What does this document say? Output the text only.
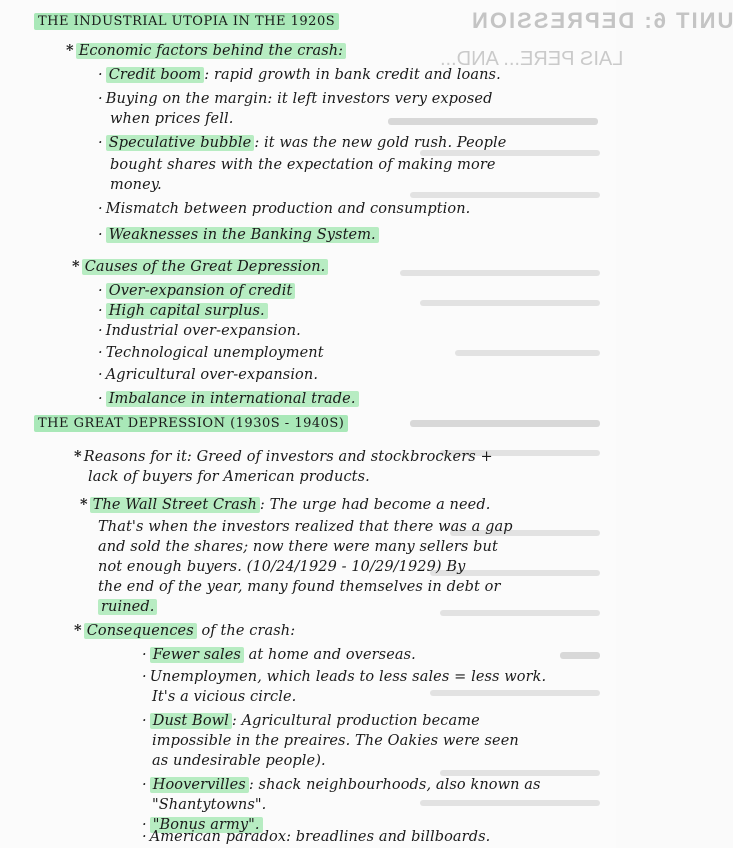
UNIT 6: DEPRESSION
LAIS PERE... AND...
THE INDUSTRIAL UTOPIA IN THE 1920S
* Economic factors behind the crash:
· Credit boom : rapid growth in bank credit and loans.
· Buying on the margin: it left investors very exposed
when prices fell.
· Speculative bubble : it was the new gold rush. People
bought shares with the expectation of making more
money.
· Mismatch between production and consumption.
· Weaknesses in the Banking System.
* Causes of the Great Depression.
· Over-expansion of credit
· High capital surplus.
· Industrial over-expansion.
· Technological unemployment
· Agricultural over-expansion.
· Imbalance in international trade.
THE GREAT DEPRESSION (1930S - 1940S)
* Reasons for it: Greed of investors and stockbrockers +
lack of buyers for American products.
* The Wall Street Crash : The urge had become a need.
That's when the investors realized that there was a gap
and sold the shares; now there were many sellers but
not enough buyers. (10/24/1929 - 10/29/1929) By
the end of the year, many found themselves in debt or
ruined.
* Consequences of the crash:
· Fewer sales at home and overseas.
· Unemploymen, which leads to less sales = less work.
It's a vicious circle.
· Dust Bowl : Agricultural production became
impossible in the preaires. The Oakies were seen
as undesirable people).
· Hoovervilles : shack neighbourhoods, also known as
"Shantytowns".
· "Bonus army".
· American paradox: breadlines and billboards.
